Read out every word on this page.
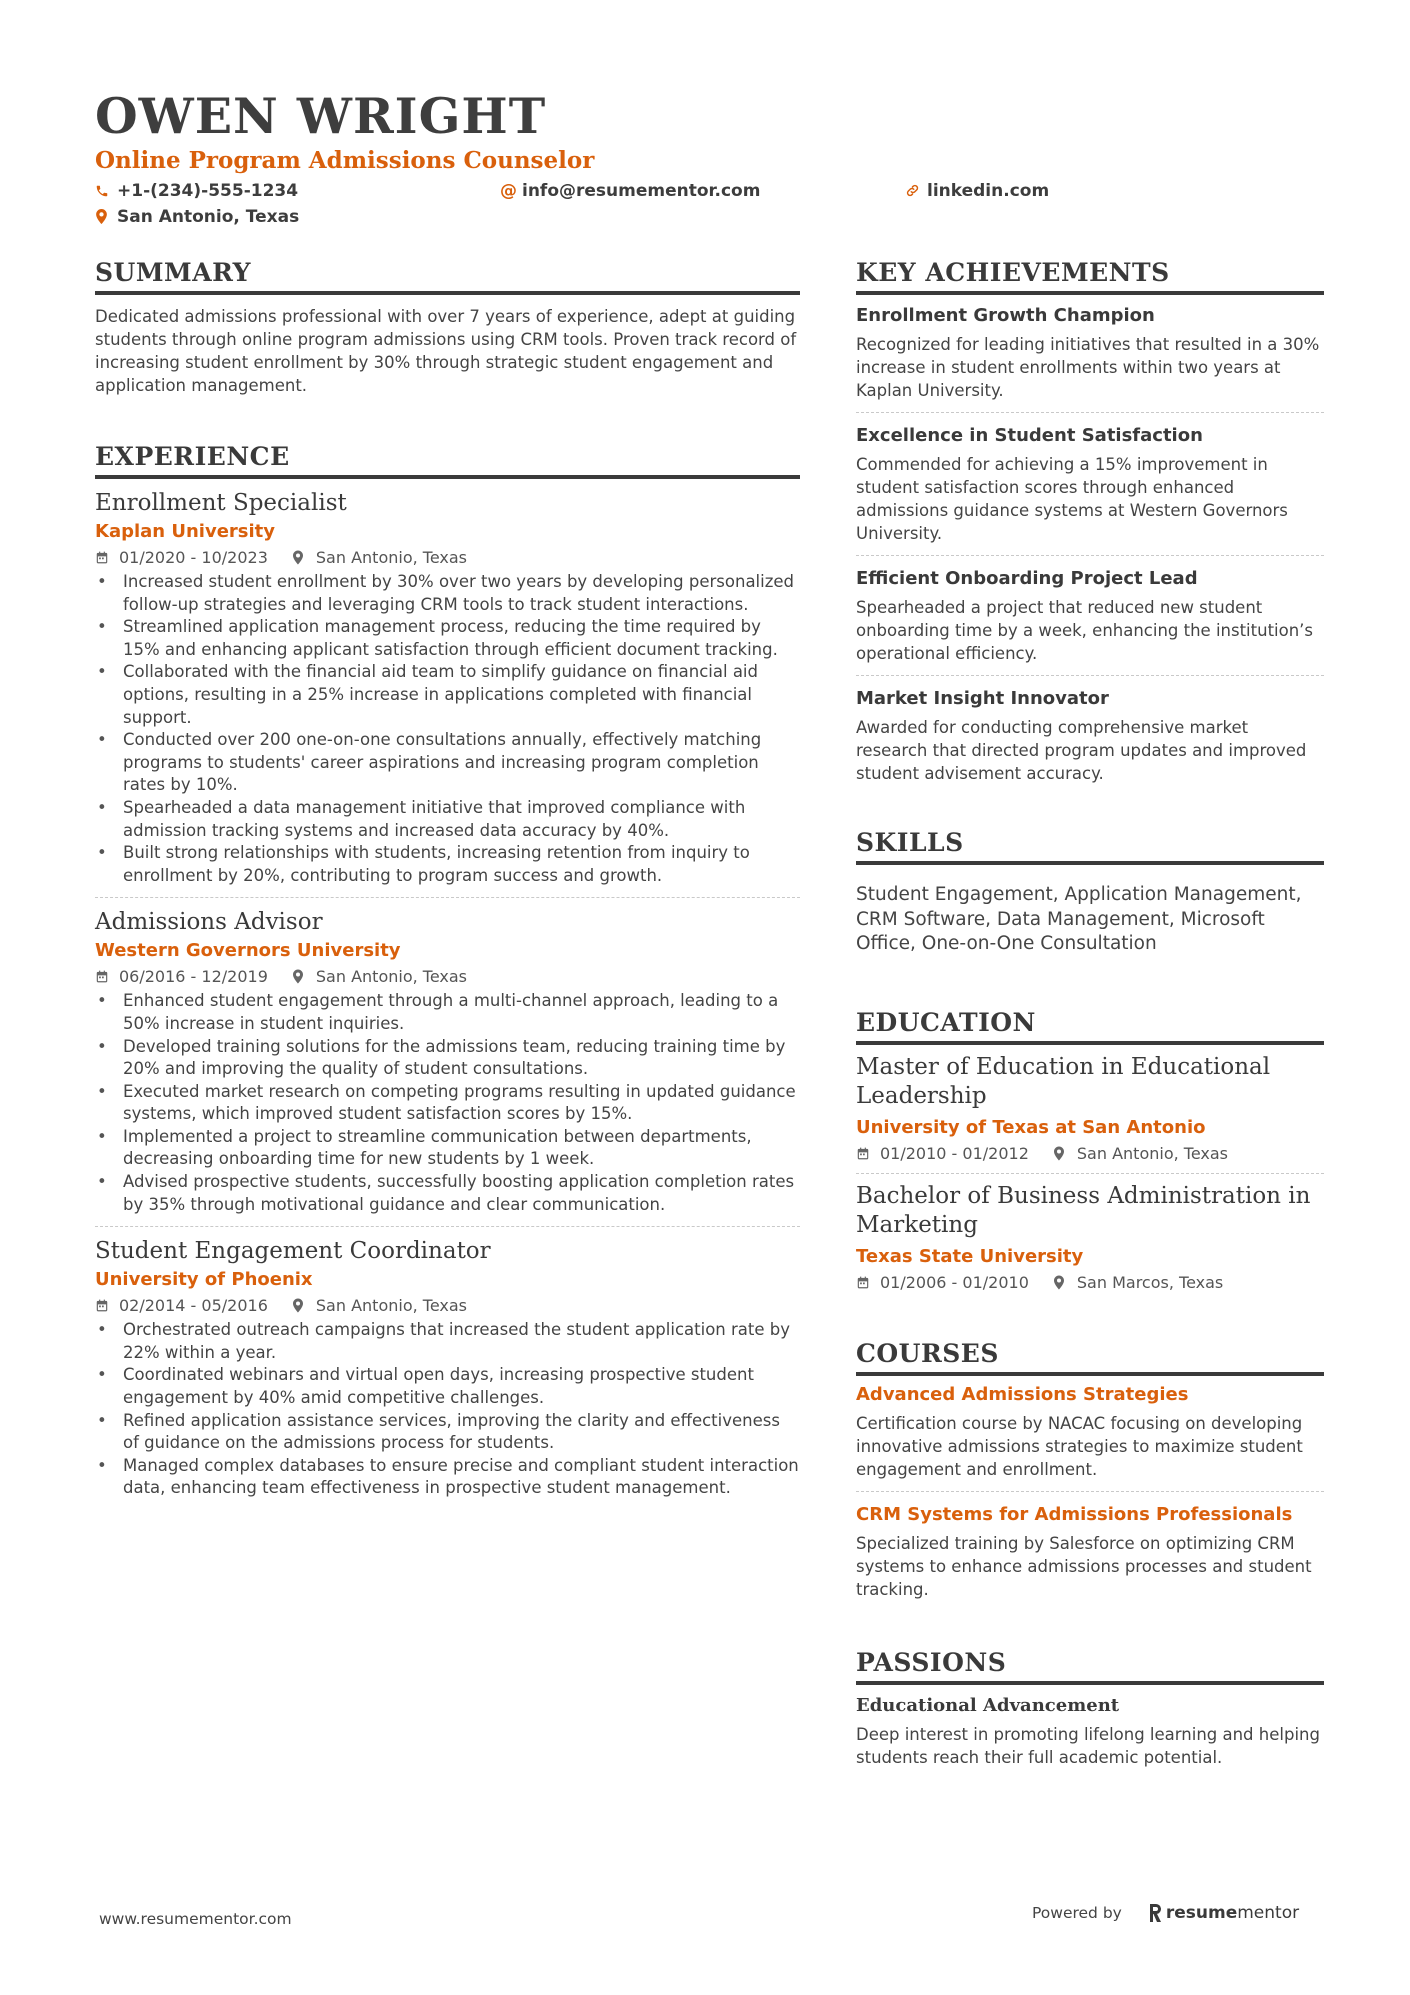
OWEN WRIGHT
Online Program Admissions Counselor
+1-(234)-555-1234	@ info@resumementor.com	linkedin.com
San Antonio, Texas
SUMMARY

Dedicated admissions professional with over 7 years of experience, adept at guiding students through online program admissions using CRM tools. Proven track record of increasing student enrollment by 30% through strategic student engagement and application management.

EXPERIENCE
Enrollment Specialist
Kaplan University
01/2020 - 10/2023	San Antonio, Texas
• Increased student enrollment by 30% over two years by developing personalized follow-up strategies and leveraging CRM tools to track student interactions.
• Streamlined application management process, reducing the time required by 15% and enhancing applicant satisfaction through efficient document tracking.
• Collaborated with the financial aid team to simplify guidance on financial aid options, resulting in a 25% increase in applications completed with financial support.
• Conducted over 200 one-on-one consultations annually, effectively matching programs to students' career aspirations and increasing program completion rates by 10%.
• Spearheaded a data management initiative that improved compliance with admission tracking systems and increased data accuracy by 40%.
• Built strong relationships with students, increasing retention from inquiry to enrollment by 20%, contributing to program success and growth.
Admissions Advisor
Western Governors University
06/2016 - 12/2019	San Antonio, Texas
• Enhanced student engagement through a multi-channel approach, leading to a 50% increase in student inquiries.
• Developed training solutions for the admissions team, reducing training time by 20% and improving the quality of student consultations.
• Executed market research on competing programs resulting in updated guidance systems, which improved student satisfaction scores by 15%.
• Implemented a project to streamline communication between departments, decreasing onboarding time for new students by 1 week.
• Advised prospective students, successfully boosting application completion rates by 35% through motivational guidance and clear communication.
Student Engagement Coordinator
University of Phoenix
02/2014 - 05/2016	San Antonio, Texas
• Orchestrated outreach campaigns that increased the student application rate by 22% within a year.
• Coordinated webinars and virtual open days, increasing prospective student engagement by 40% amid competitive challenges.
• Refined application assistance services, improving the clarity and effectiveness of guidance on the admissions process for students.
• Managed complex databases to ensure precise and compliant student interaction data, enhancing team effectiveness in prospective student management.
KEY ACHIEVEMENTS
Enrollment Growth Champion

Recognized for leading initiatives that resulted in a 30% increase in student enrollments within two years at Kaplan University.

Excellence in Student Satisfaction

Commended for achieving a 15% improvement in student satisfaction scores through enhanced admissions guidance systems at Western Governors University.

Efficient Onboarding Project Lead

Spearheaded a project that reduced new student onboarding time by a week, enhancing the institution’s operational efficiency.

Market Insight Innovator

Awarded for conducting comprehensive market research that directed program updates and improved student advisement accuracy.

SKILLS

Student Engagement, Application Management, CRM Software, Data Management, Microsoft Office, One-on-One Consultation

EDUCATION
Master of Education in Educational Leadership
University of Texas at San Antonio
01/2010 - 01/2012	San Antonio, Texas
Bachelor of Business Administration in Marketing
Texas State University
01/2006 - 01/2010	San Marcos, Texas
COURSES
Advanced Admissions Strategies

Certification course by NACAC focusing on developing innovative admissions strategies to maximize student engagement and enrollment.

CRM Systems for Admissions Professionals

Specialized training by Salesforce on optimizing CRM systems to enhance admissions processes and student tracking.

PASSIONS
Educational Advancement

Deep interest in promoting lifelong learning and helping students reach their full academic potential.

www.resumementor.com	Powered by	resumementor
